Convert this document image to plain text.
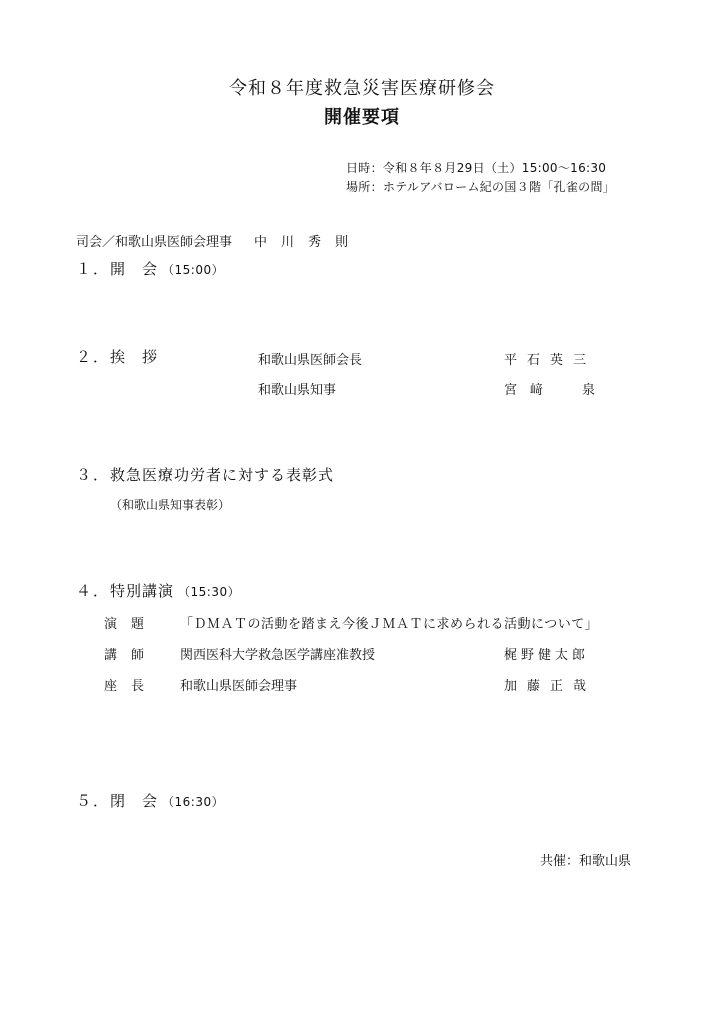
令和８年度救急災害医療研修会
開催要項
日時：令和８年８月29日（土）15:00～16:30
場所：ホテルアバローム紀の国３階「孔雀の間」
司会／和歌山県医師会理事 中川秀則
１．開　会 （15:00）
２．挨　拶	和歌山県医師会長	平石英三
和歌山県知事	宮﨑　泉
３．救急医療功労者に対する表彰式
（和歌山県知事表彰）
４．特別講演 （15:30）
演題 「ＤＭＡＴの活動を踏まえ今後ＪＭＡＴに求められる活動について」
講師 関西医科大学救急医学講座准教授	梶野健太郎
座長 和歌山県医師会理事	加藤正哉
５．閉　会 （16:30）
共催：和歌山県
